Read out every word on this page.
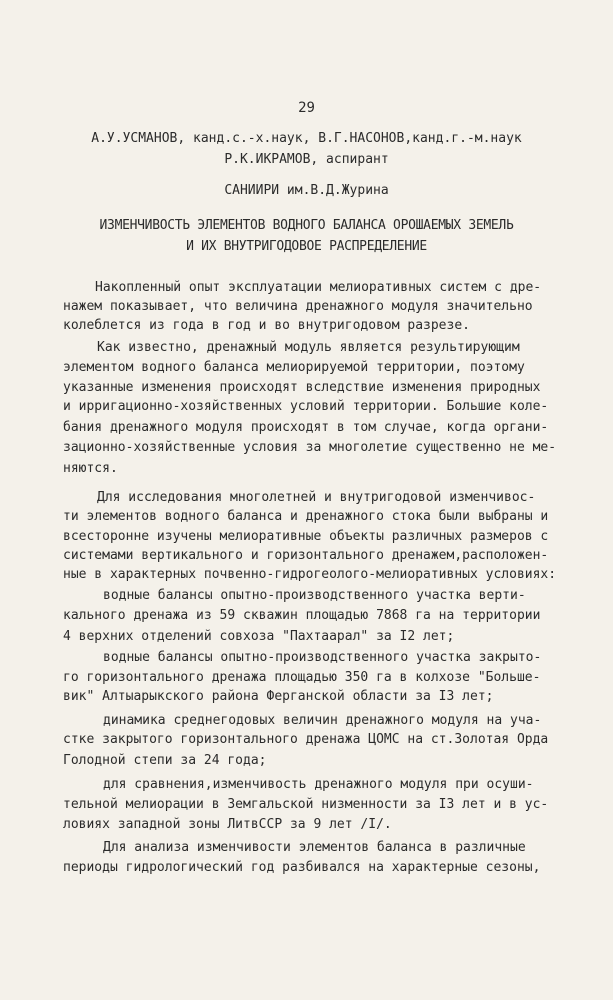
29
А.У.УСМАНОВ, канд.с.-х.наук, В.Г.НАСОНОВ,канд.г.-м.наук
Р.К.ИКРАМОВ, аспирант
САНИИРИ им.В.Д.Журина
ИЗМЕНЧИВОСТЬ ЭЛЕМЕНТОВ ВОДНОГО БАЛАНСА ОРОШАЕМЫХ ЗЕМЕЛЬ
И ИХ ВНУТРИГОДОВОЕ РАСПРЕДЕЛЕНИЕ
Накопленный опыт эксплуатации мелиоративных систем с дре-
нажем показывает, что величина дренажного модуля значительно
колеблется из года в год и во внутригодовом разрезе.
Как известно, дренажный модуль является результирующим
элементом водного баланса мелиорируемой территории, поэтому
указанные изменения происходят вследствие изменения природных
и ирригационно-хозяйственных условий территории. Большие коле-
бания дренажного модуля происходят в том случае, когда органи-
зационно-хозяйственные условия за многолетие существенно не ме-
няются.
Для исследования многолетней и внутригодовой изменчивос-
ти элементов водного баланса и дренажного стока были выбраны и
всесторонне изучены мелиоративные объекты различных размеров с
системами вертикального и горизонтального дренажем,расположен-
ные в характерных почвенно-гидрогеолого-мелиоративных условиях:
водные балансы опытно-производственного участка верти-
кального дренажа из 59 скважин площадью 7868 га на территории
4 верхних отделений совхоза "Пахтаарал" за I2 лет;
водные балансы опытно-производственного участка закрыто-
го горизонтального дренажа площадью 350 га в колхозе "Большe-
вик" Алтыарыкского района Ферганской области за I3 лет;
динамика среднегодовых величин дренажного модуля на уча-
стке закрытого горизонтального дренажа ЦОМС на ст.Золотая Орда
Голодной степи за 24 года;
для сравнения,изменчивость дренажного модуля при осуши-
тельной мелиорации в Земгальской низменности за I3 лет и в ус-
ловиях западной зоны ЛитвССР за 9 лет /I/.
Для анализа изменчивости элементов баланса в различные
периоды гидрологический год разбивался на характерные сезоны,
